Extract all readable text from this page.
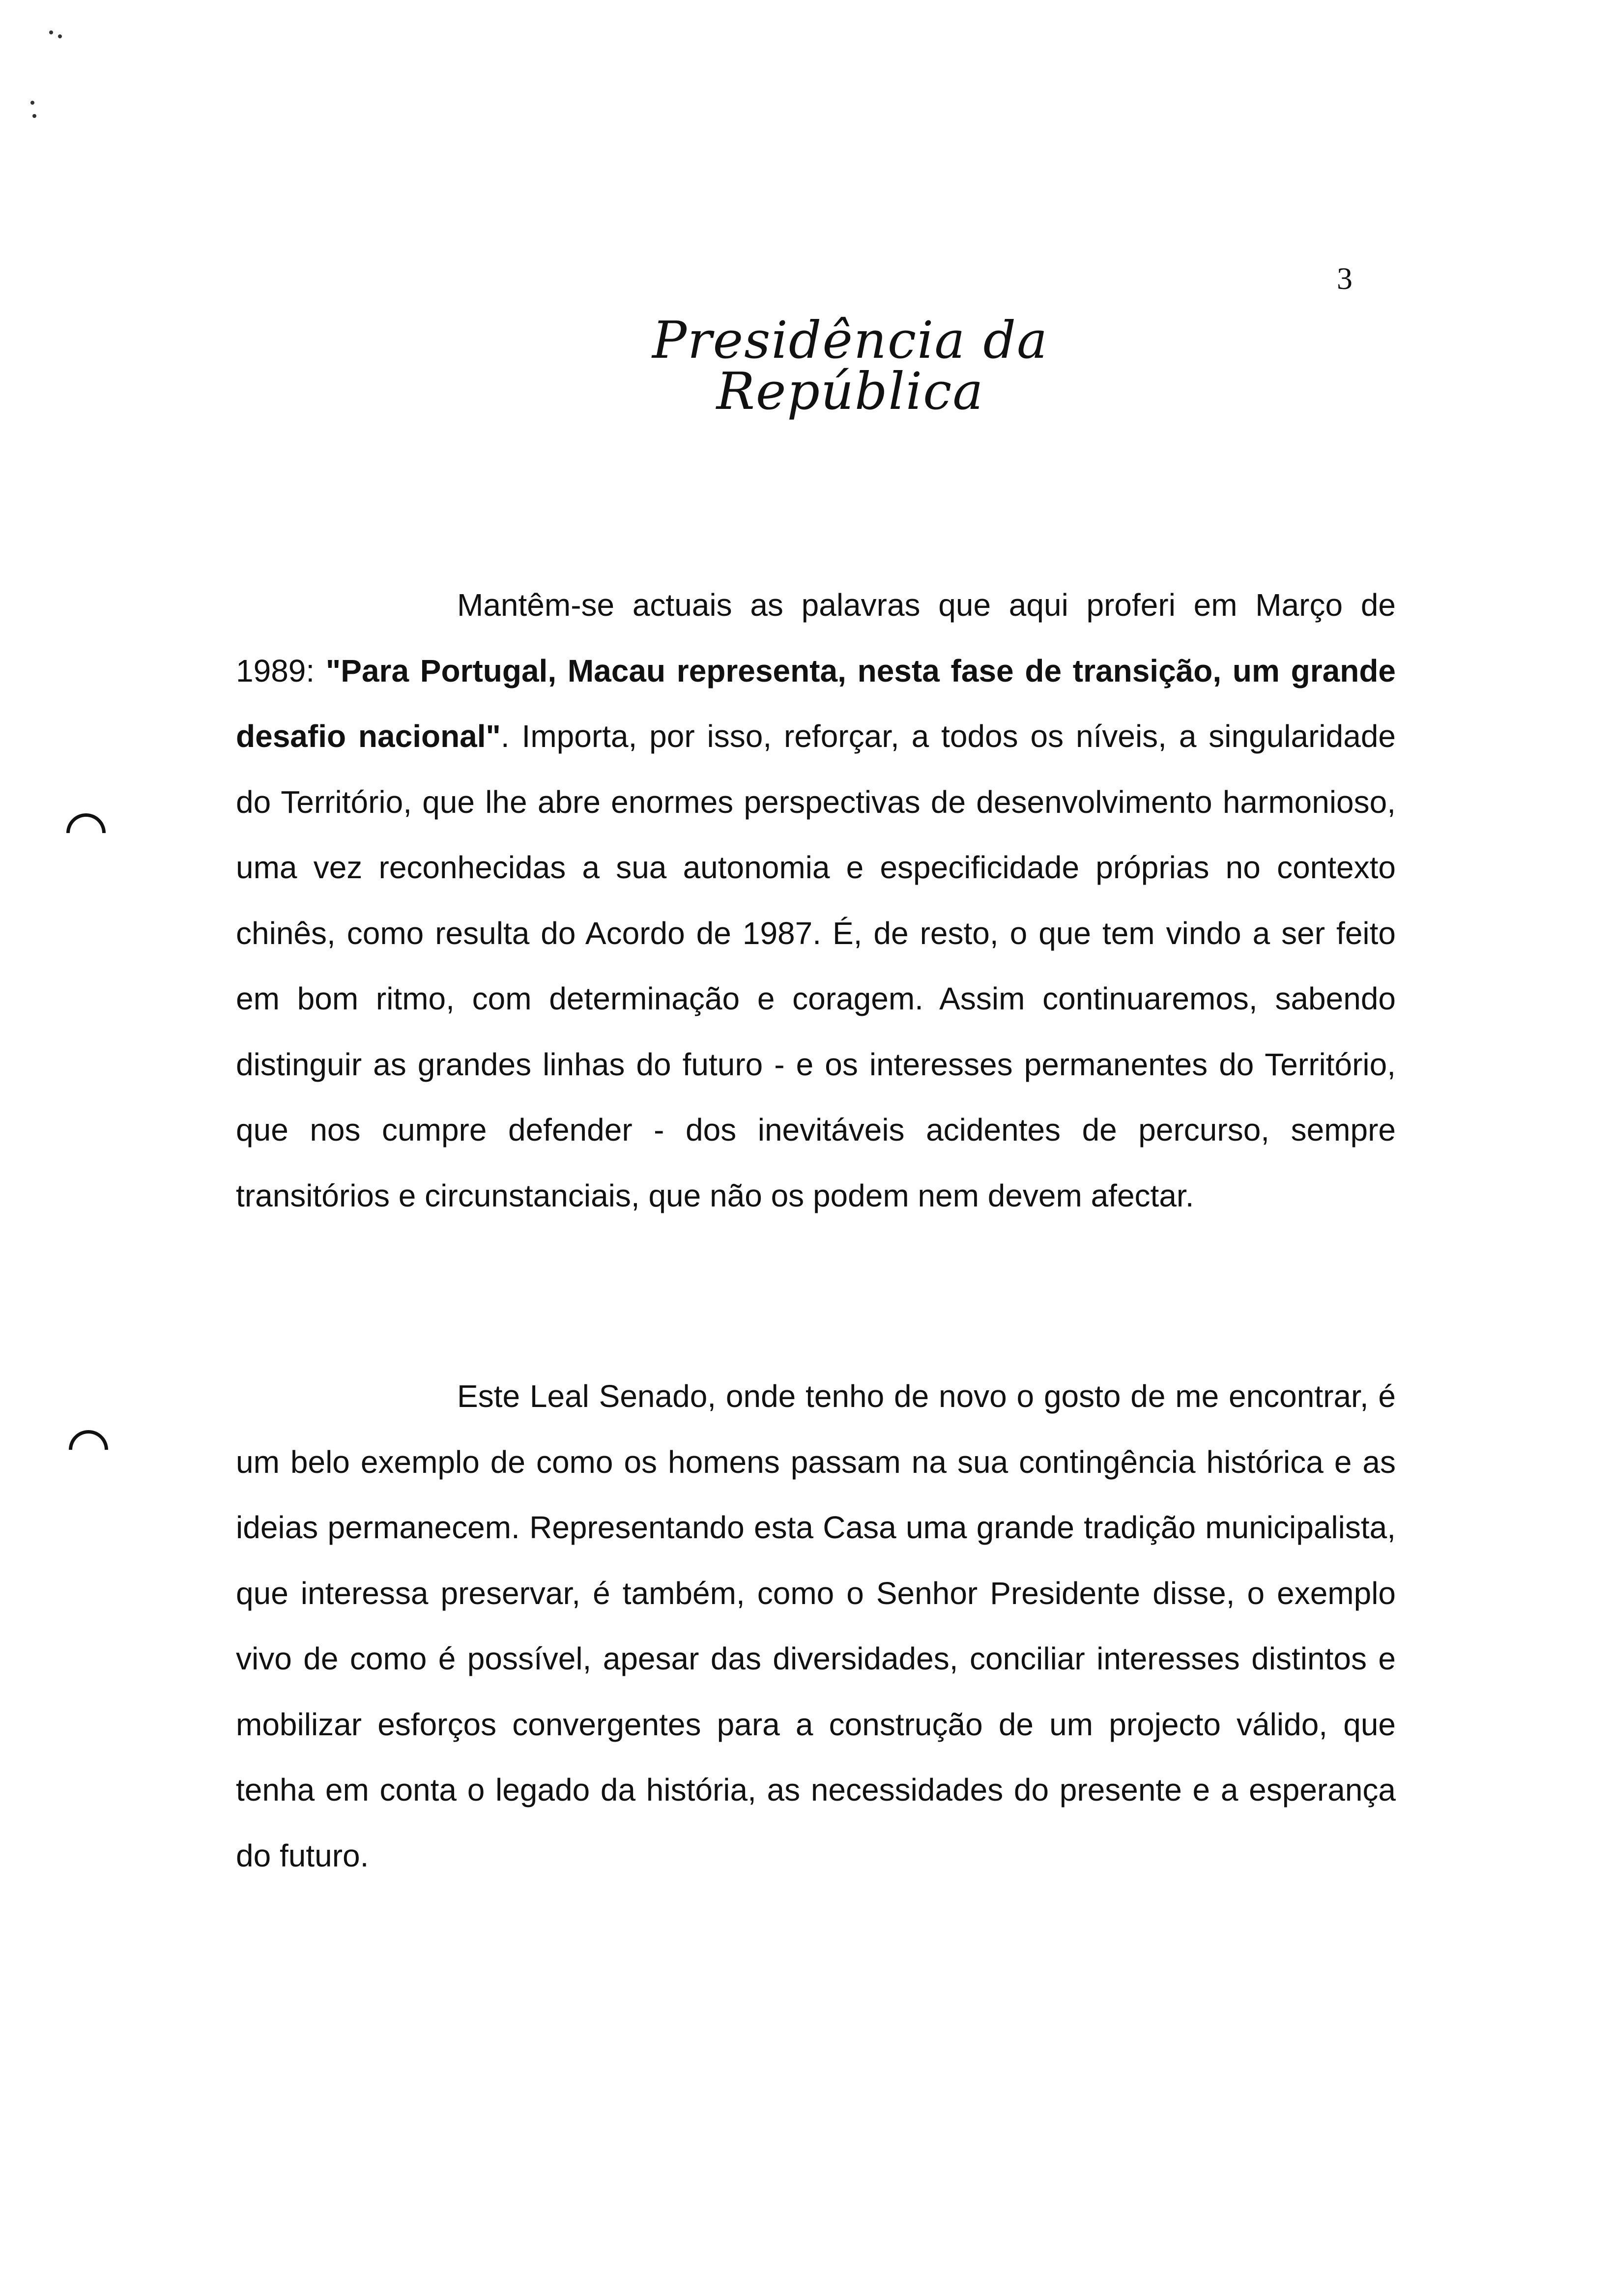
3
Presidência da República

Mantêm-se actuais as palavras que aqui proferi em Março de 1989: "Para Portugal, Macau representa, nesta fase de transição, um grande desafio nacional". Importa, por isso, reforçar, a todos os níveis, a singularidade do Território, que lhe abre enormes perspectivas de desenvolvimento harmonioso, uma vez reconhecidas a sua autonomia e especificidade próprias no contexto chinês, como resulta do Acordo de 1987. É, de resto, o que tem vindo a ser feito em bom ritmo, com determinação e coragem. Assim continuaremos, sabendo distinguir as grandes linhas do futuro - e os interesses permanentes do Território, que nos cumpre defender - dos inevitáveis acidentes de percurso, sempre transitórios e circunstanciais, que não os podem nem devem afectar.

Este Leal Senado, onde tenho de novo o gosto de me encontrar, é um belo exemplo de como os homens passam na sua contingência histórica e as ideias permanecem. Representando esta Casa uma grande tradição municipalista, que interessa preservar, é também, como o Senhor Presidente disse, o exemplo vivo de como é possível, apesar das diversidades, conciliar interesses distintos e mobilizar esforços convergentes para a construção de um projecto válido, que tenha em conta o legado da história, as necessidades do presente e a esperança do futuro.
